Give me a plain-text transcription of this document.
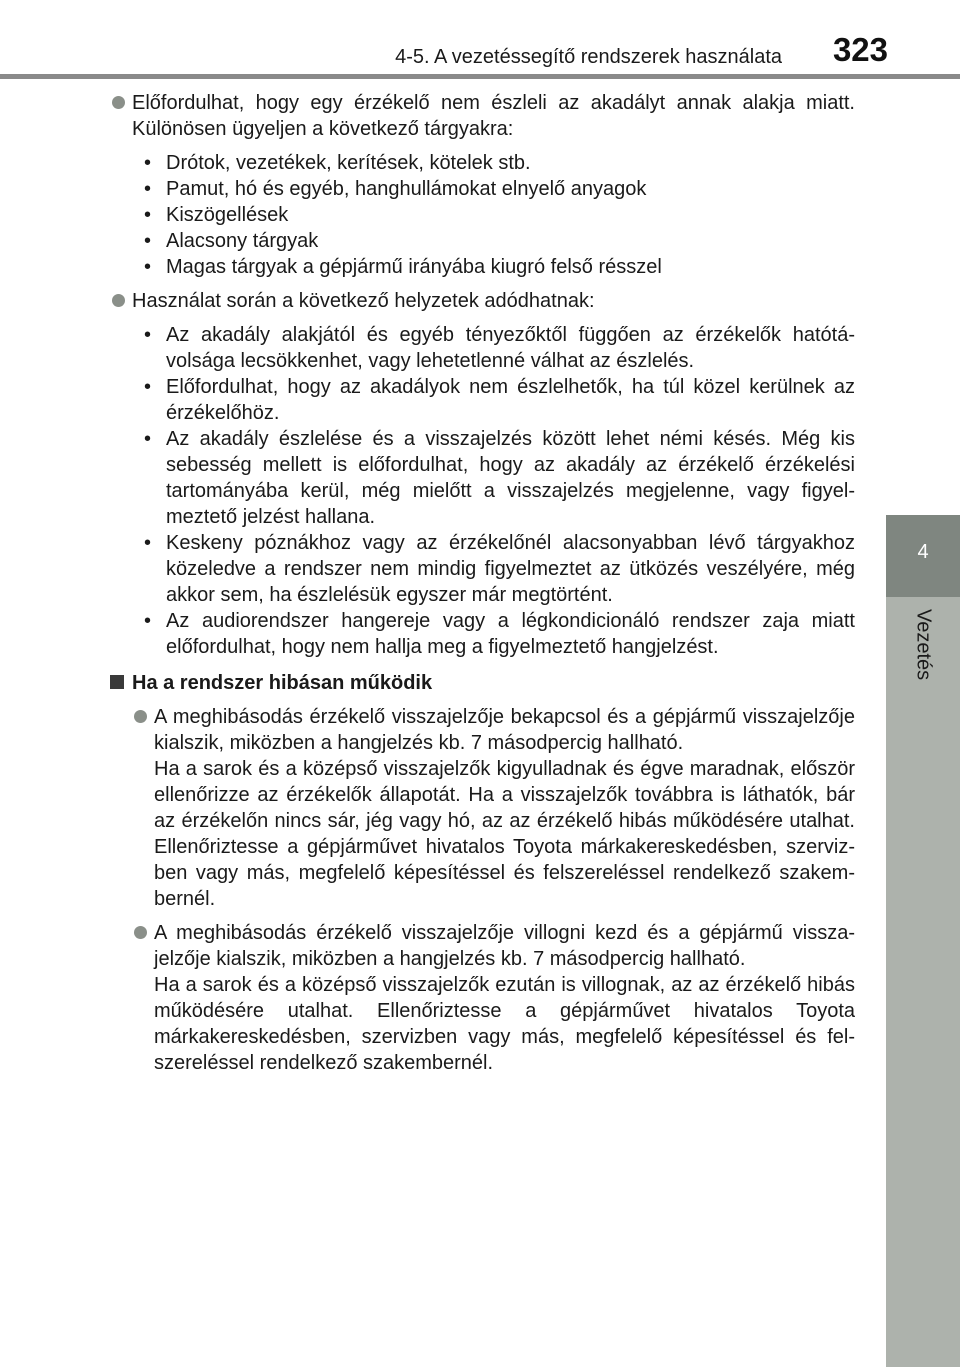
4-5. A vezetéssegítő rendszerek használata	323
4
Vezetés

Előfordulhat, hogy egy érzékelő nem észleli az akadályt annak alakja miatt. Különösen ügyeljen a következő tárgyakra:

• Drótok, vezetékek, kerítések, kötelek stb.
• Pamut, hó és egyéb, hanghullámokat elnyelő anyagok
• Kiszögellések
• Alacsony tárgyak
• Magas tárgyak a gépjármű irányába kiugró felső résszel

Használat során a következő helyzetek adódhatnak:

• Az akadály alakjától és egyéb tényezőktől függően az érzékelők hatótávolsága lecsökkenhet, vagy lehetetlenné válhat az észlelés.
• Előfordulhat, hogy az akadályok nem észlelhetők, ha túl közel kerülnek az érzékelőhöz.
• Az akadály észlelése és a visszajelzés között lehet némi késés. Még kis sebesség mellett is előfordulhat, hogy az akadály az érzékelő érzékelési tartományába kerül, még mielőtt a visszajelzés megjelenne, vagy figyelmeztető jelzést hallana.
• Keskeny póznákhoz vagy az érzékelőnél alacsonyabban lévő tárgyakhoz közeledve a rendszer nem mindig figyelmeztet az ütközés veszélyére, még akkor sem, ha észlelésük egyszer már megtörtént.
• Az audiorendszer hangereje vagy a légkondicionáló rendszer zaja miatt előfordulhat, hogy nem hallja meg a figyelmeztető hangjelzést.
Ha a rendszer hibásan működik

A meghibásodás érzékelő visszajelzője bekapcsol és a gépjármű visszajelzője kialszik, miközben a hangjelzés kb. 7 másodpercig hallható.

Ha a sarok és a középső visszajelzők kigyulladnak és égve maradnak, először ellenőrizze az érzékelők állapotát. Ha a visszajelzők továbbra is láthatók, bár az érzékelőn nincs sár, jég vagy hó, az az érzékelő hibás működésére utalhat. Ellenőriztesse a gépjárművet hivatalos Toyota márkakereskedésben, szervizben vagy más, megfelelő képesítéssel és felszereléssel rendelkező szakembernél.

A meghibásodás érzékelő visszajelzője villogni kezd és a gépjármű visszajelzője kialszik, miközben a hangjelzés kb. 7 másodpercig hallható.

Ha a sarok és a középső visszajelzők ezután is villognak, az az érzékelő hibás működésére utalhat. Ellenőriztesse a gépjárművet hivatalos Toyota márkakereskedésben, szervizben vagy más, megfelelő képesítéssel és felszereléssel rendelkező szakembernél.
